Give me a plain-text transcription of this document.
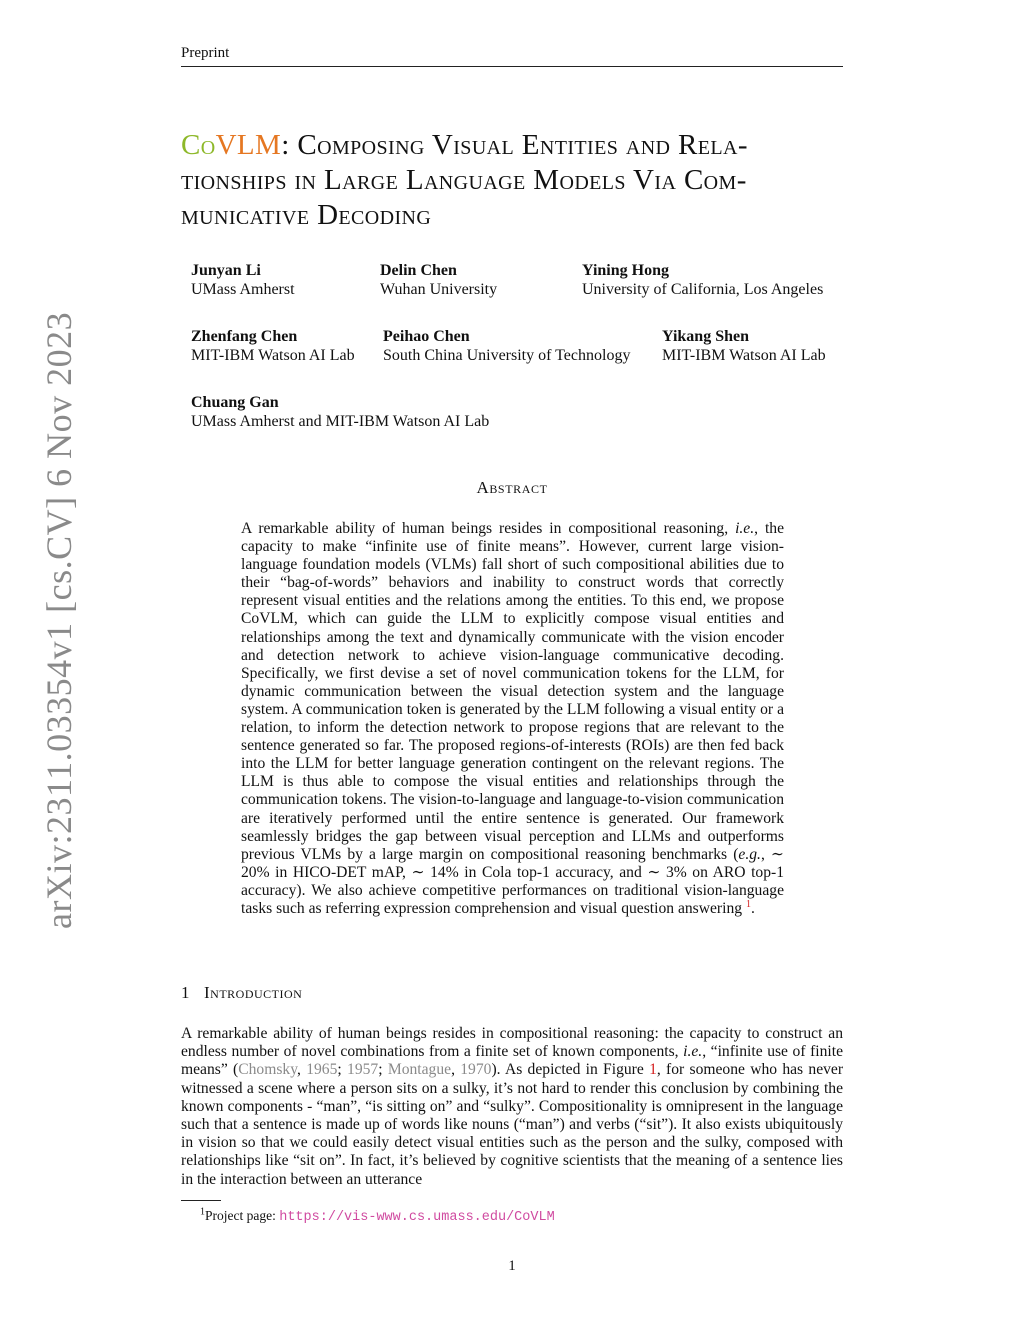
Preprint
arXiv:2311.03354v1 [cs.CV] 6 Nov 2023
CoVLM: Composing Visual Entities and Rela-
tionships in Large Language Models Via Com-
municative Decoding
Junyan Li
UMass Amherst
Delin Chen
Wuhan University
Yining Hong
University of California, Los Angeles
Zhenfang Chen
MIT-IBM Watson AI Lab
Peihao Chen
South China University of Technology
Yikang Shen
MIT-IBM Watson AI Lab
Chuang Gan
UMass Amherst and MIT-IBM Watson AI Lab
Abstract
A remarkable ability of human beings resides in compositional reasoning, i.e., the capacity to make “infinite use of finite means”. However, current large vision-language foundation models (VLMs) fall short of such compositional abilities due to their “bag-of-words” behaviors and inability to construct words that correctly represent visual entities and the relations among the entities. To this end, we propose CoVLM, which can guide the LLM to explicitly compose visual entities and relationships among the text and dynamically communicate with the vision encoder and detection network to achieve vision-language communicative decoding. Specifically, we first devise a set of novel communication tokens for the LLM, for dynamic communication between the visual detection system and the language system. A communication token is generated by the LLM following a visual entity or a relation, to inform the detection network to propose regions that are relevant to the sentence generated so far. The proposed regions-of-interests (ROIs) are then fed back into the LLM for better language generation contingent on the relevant regions. The LLM is thus able to compose the visual entities and relationships through the communication tokens. The vision-to-language and language-to-vision communication are iteratively performed until the entire sentence is generated. Our framework seamlessly bridges the gap between visual perception and LLMs and outperforms previous VLMs by a large margin on compositional reasoning benchmarks (e.g., ∼ 20% in HICO-DET mAP, ∼ 14% in Cola top-1 accuracy, and ∼ 3% on ARO top-1 accuracy). We also achieve competitive performances on traditional vision-language tasks such as referring expression comprehension and visual question answering $^1$.
1 Introduction
A remarkable ability of human beings resides in compositional reasoning: the capacity to construct an endless number of novel combinations from a finite set of known components, i.e., “infinite use of finite means” (Chomsky, 1965; 1957; Montague, 1970). As depicted in Figure 1, for someone who has never witnessed a scene where a person sits on a sulky, it’s not hard to render this conclusion by combining the known components - “man”, “is sitting on” and “sulky”. Compositionality is omnipresent in the language such that a sentence is made up of words like nouns (“man”) and verbs (“sit”). It also exists ubiquitously in vision so that we could easily detect visual entities such as the person and the sulky, composed with relationships like “sit on”. In fact, it’s believed by cognitive scientists that the meaning of a sentence lies in the interaction between an utterance
$^1$Project page: https://vis-www.cs.umass.edu/CoVLM
1
